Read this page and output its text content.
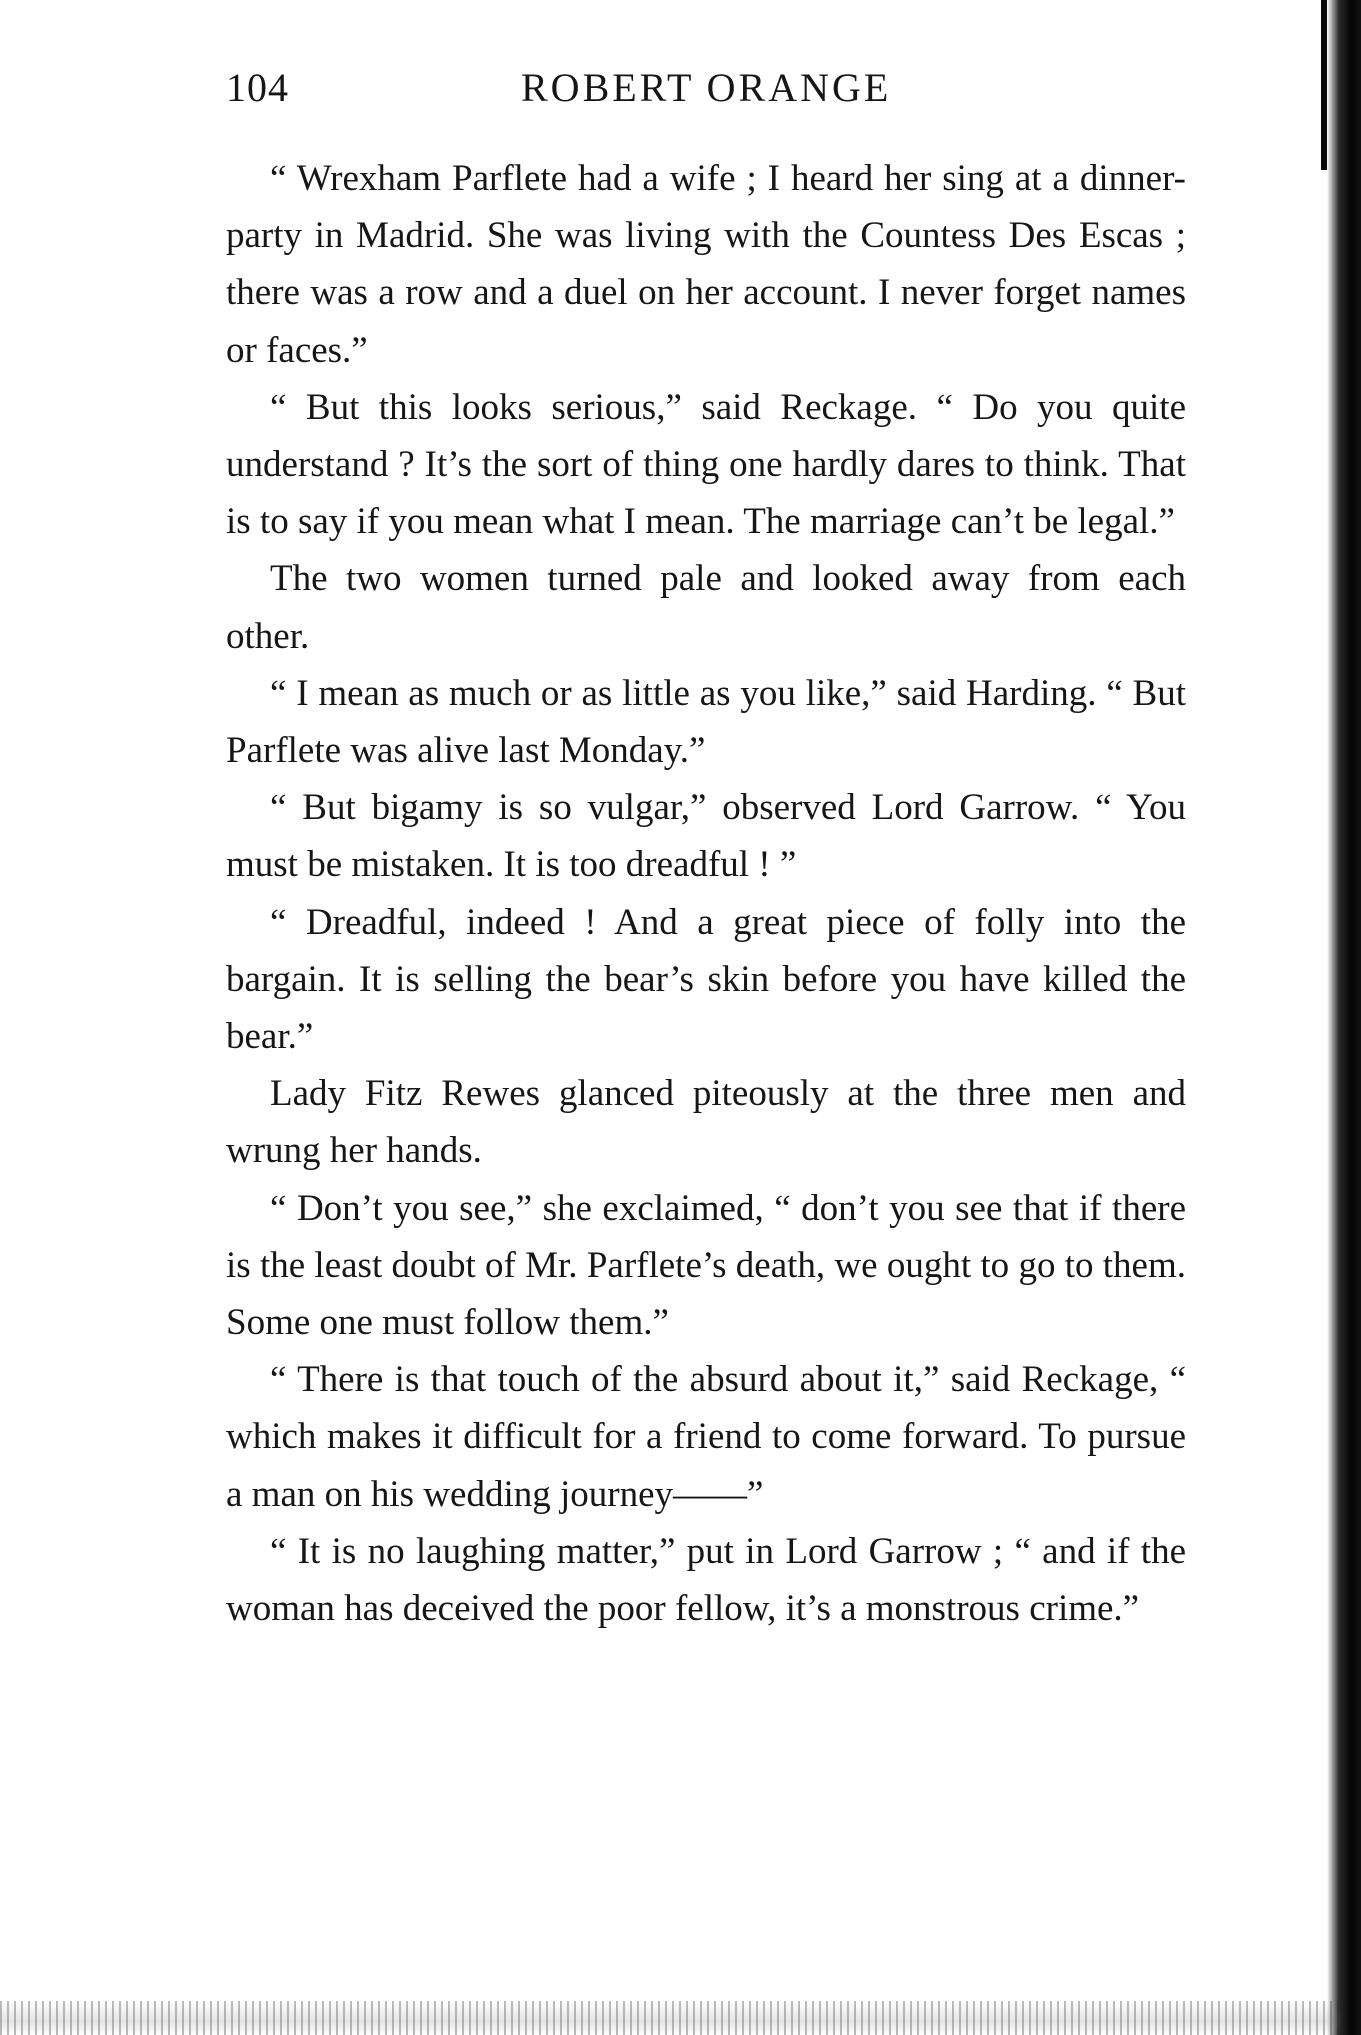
104	ROBERT ORANGE

“ Wrexham Parflete had a wife ; I heard her sing at a dinner-party in Madrid. She was living with the Countess Des Escas ; there was a row and a duel on her account. I never forget names or faces.”

“ But this looks serious,” said Reckage. “ Do you quite understand ? It’s the sort of thing one hardly dares to think. That is to say if you mean what I mean. The marriage can’t be legal.”

The two women turned pale and looked away from each other.

“ I mean as much or as little as you like,” said Harding. “ But Parflete was alive last Monday.”

“ But bigamy is so vulgar,” observed Lord Garrow. “ You must be mistaken. It is too dreadful ! ”

“ Dreadful, indeed ! And a great piece of folly into the bargain. It is selling the bear’s skin before you have killed the bear.”

Lady Fitz Rewes glanced piteously at the three men and wrung her hands.

“ Don’t you see,” she exclaimed, “ don’t you see that if there is the least doubt of Mr. Parflete’s death, we ought to go to them. Some one must follow them.”

“ There is that touch of the absurd about it,” said Reckage, “ which makes it difficult for a friend to come forward. To pursue a man on his wedding journey——”

“ It is no laughing matter,” put in Lord Garrow ; “ and if the woman has deceived the poor fellow, it’s a monstrous crime.”
